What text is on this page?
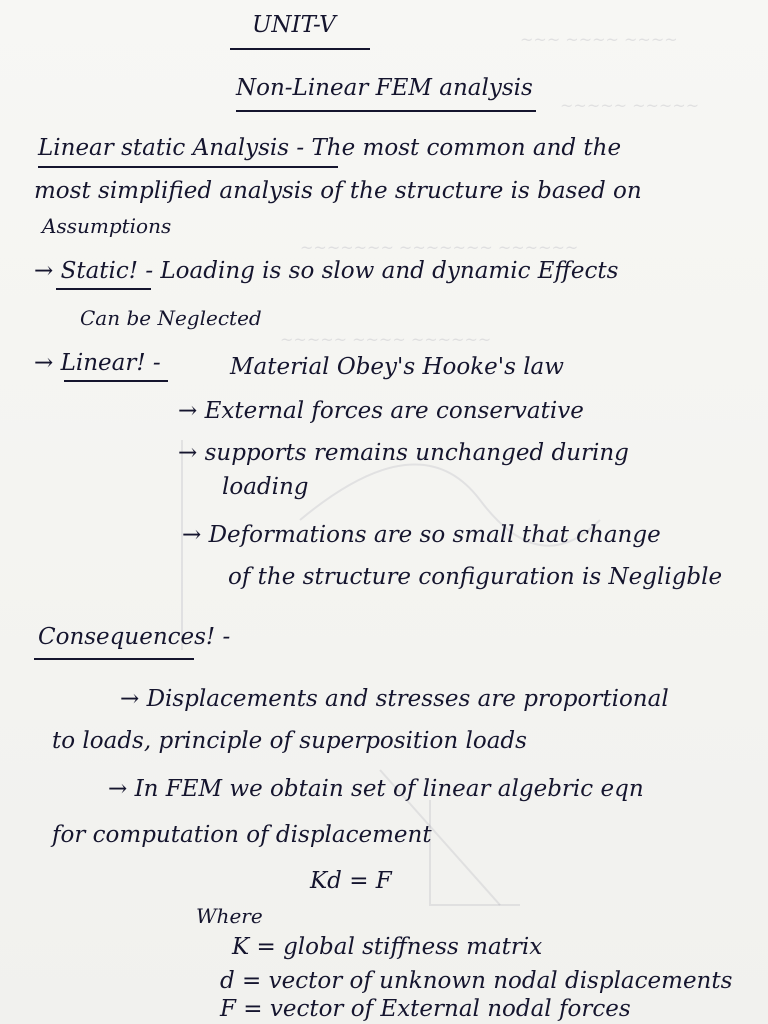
~~~ ~~~~ ~~~~
~~~~~ ~~~~~
~~~~~~~ ~~~~~~~ ~~~~~~
~~~~~ ~~~~ ~~~~~~
UNIT-V
Non-Linear FEM analysis
Linear static Analysis - The most common and the
most simplified analysis of the structure is based on
Assumptions
→ Static! - Loading is so slow and dynamic Effects
Can be Neglected
→ Linear! -	Material Obey's Hooke's law
→ External forces are conservative
→ supports remains unchanged during
loading
→ Deformations are so small that change
of the structure configuration is Negligble
Consequences! -
→ Displacements and stresses are proportional
to loads, principle of superposition loads
→ In FEM we obtain set of linear algebric eqn
for computation of displacement
Kd = F
Where
K = global stiffness matrix
d = vector of unknown nodal displacements
F = vector of External nodal forces
